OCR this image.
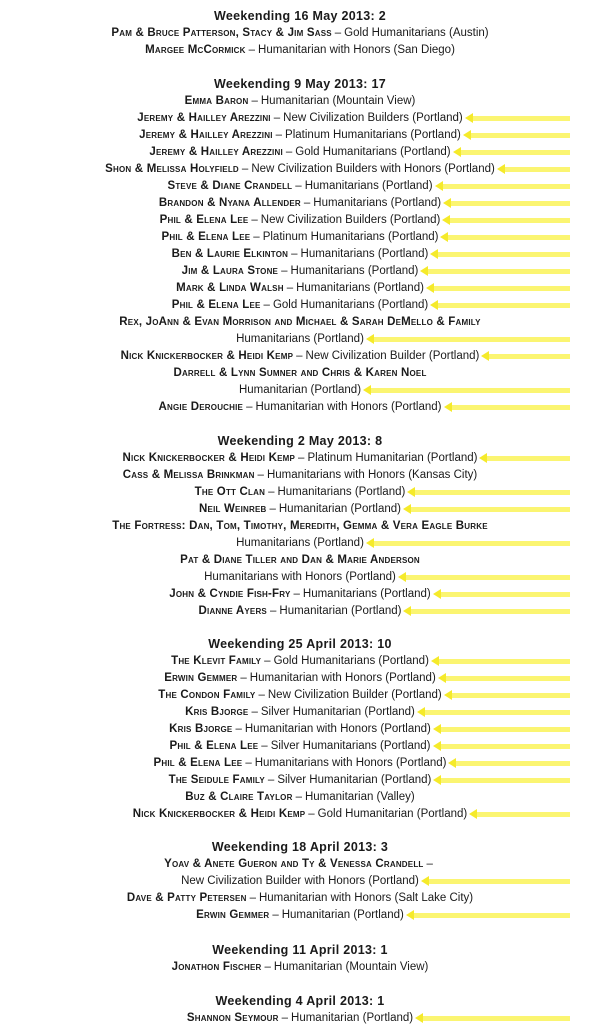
Weekending 16 May 2013: 2
Pam & Bruce Patterson, Stacy & Jim Sass – Gold Humanitarians (Austin)
Margee McCormick – Humanitarian with Honors (San Diego)
Weekending 9 May 2013: 17
Emma Baron – Humanitarian (Mountain View)
Jeremy & Hailley Arezzini – New Civilization Builders (Portland)
Jeremy & Hailley Arezzini – Platinum Humanitarians (Portland)
Jeremy & Hailley Arezzini – Gold Humanitarians (Portland)
Shon & Melissa Holyfield – New Civilization Builders with Honors (Portland)
Steve & Diane Crandell – Humanitarians (Portland)
Brandon & Nyana Allender – Humanitarians (Portland)
Phil & Elena Lee – New Civilization Builders (Portland)
Phil & Elena Lee – Platinum Humanitarians (Portland)
Ben & Laurie Elkinton – Humanitarians (Portland)
Jim & Laura Stone – Humanitarians (Portland)
Mark & Linda Walsh – Humanitarians (Portland)
Phil & Elena Lee – Gold Humanitarians (Portland)
Rex, JoAnn & Evan Morrison and Michael & Sarah DeMello & Family
Humanitarians (Portland)
Nick Knickerbocker & Heidi Kemp – New Civilization Builder (Portland)
Darrell & Lynn Sumner and Chris & Karen Noel
Humanitarian (Portland)
Angie Derouchie – Humanitarian with Honors (Portland)
Weekending 2 May 2013: 8
Nick Knickerbocker & Heidi Kemp – Platinum Humanitarian (Portland)
Cass & Melissa Brinkman – Humanitarians with Honors (Kansas City)
The Ott Clan – Humanitarians (Portland)
Neil Weinreb – Humanitarian (Portland)
The Fortress: Dan, Tom, Timothy, Meredith, Gemma & Vera Eagle Burke
Humanitarians (Portland)
Pat & Diane Tiller and Dan & Marie Anderson
Humanitarians with Honors (Portland)
John & Cyndie Fish-Fry – Humanitarians (Portland)
Dianne Ayers – Humanitarian (Portland)
Weekending 25 April 2013: 10
The Klevit Family – Gold Humanitarians (Portland)
Erwin Gemmer – Humanitarian with Honors (Portland)
The Condon Family – New Civilization Builder (Portland)
Kris Bjorge – Silver Humanitarian (Portland)
Kris Bjorge – Humanitarian with Honors (Portland)
Phil & Elena Lee – Silver Humanitarians (Portland)
Phil & Elena Lee – Humanitarians with Honors (Portland)
The Seidule Family – Silver Humanitarian (Portland)
Buz & Claire Taylor – Humanitarian (Valley)
Nick Knickerbocker & Heidi Kemp – Gold Humanitarian (Portland)
Weekending 18 April 2013: 3
Yoav & Anete Gueron and Ty & Venessa Crandell –
New Civilization Builder with Honors (Portland)
Dave & Patty Petersen – Humanitarian with Honors (Salt Lake City)
Erwin Gemmer – Humanitarian (Portland)
Weekending 11 April 2013: 1
Jonathon Fischer – Humanitarian (Mountain View)
Weekending 4 April 2013: 1
Shannon Seymour – Humanitarian (Portland)
